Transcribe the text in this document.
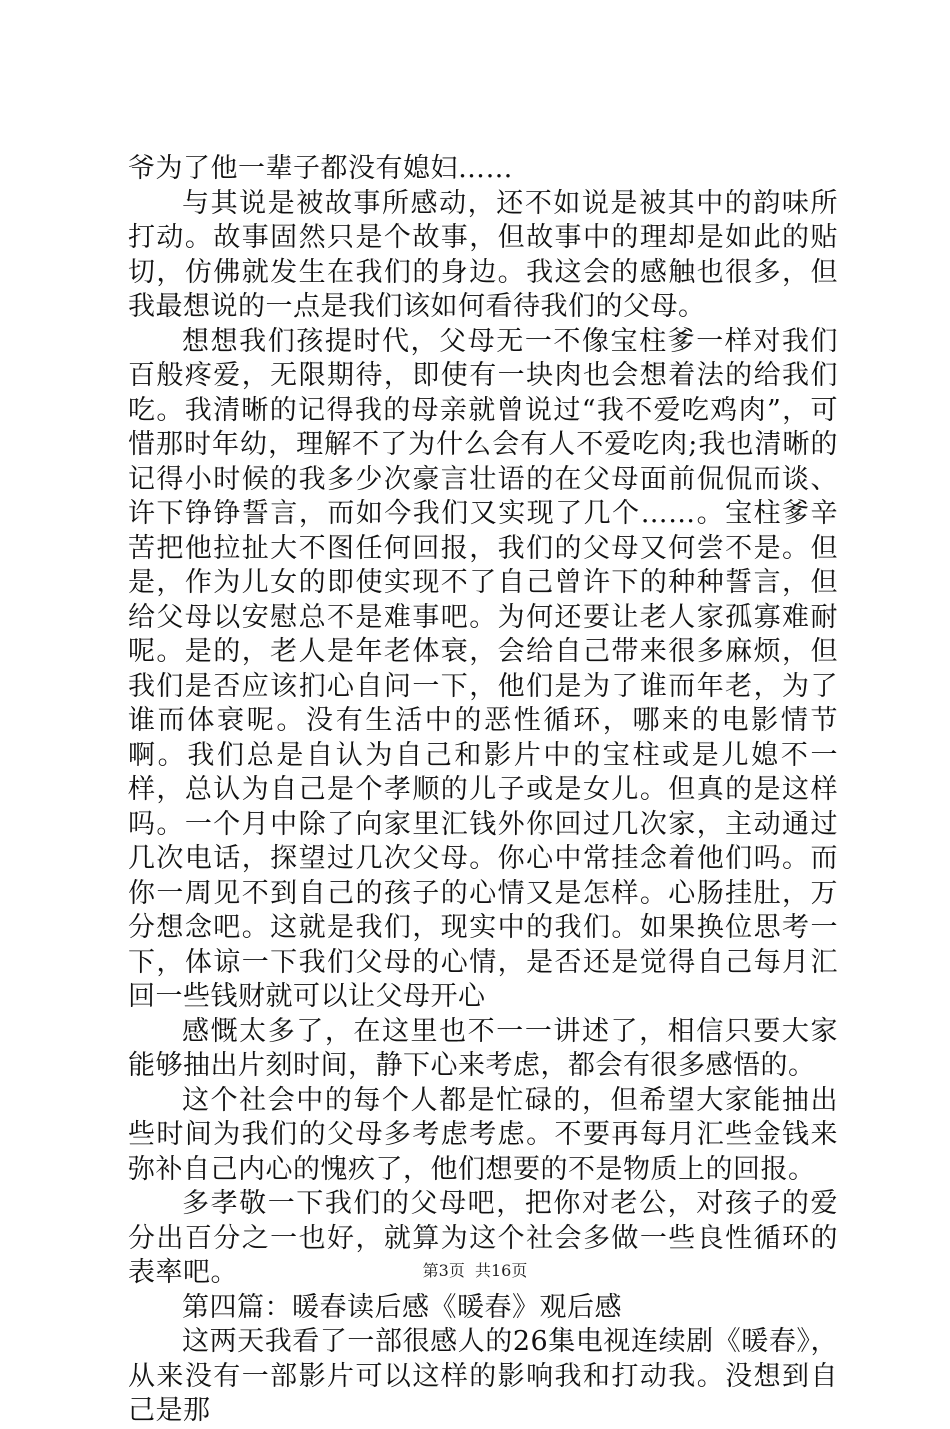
爷为了他一辈子都没有媳妇……

与其说是被故事所感动，还不如说是被其中的韵味所打动。故事固然只是个故事，但故事中的理却是如此的贴切，仿佛就发生在我们的身边。我这会的感触也很多，但我最想说的一点是我们该如何看待我们的父母。

想想我们孩提时代，父母无一不像宝柱爹一样对我们百般疼爱，无限期待，即使有一块肉也会想着法的给我们吃。我清晰的记得我的母亲就曾说过“我不爱吃鸡肉”，可惜那时年幼，理解不了为什么会有人不爱吃肉;我也清晰的记得小时候的我多少次豪言壮语的在父母面前侃侃而谈、许下铮铮誓言，而如今我们又实现了几个……。宝柱爹辛苦把他拉扯大不图任何回报，我们的父母又何尝不是。但是，作为儿女的即使实现不了自己曾许下的种种誓言，但给父母以安慰总不是难事吧。为何还要让老人家孤寡难耐呢。是的，老人是年老体衰，会给自己带来很多麻烦，但我们是否应该扪心自问一下，他们是为了谁而年老，为了谁而体衰呢。没有生活中的恶性循环，哪来的电影情节啊。我们总是自认为自己和影片中的宝柱或是儿媳不一样，总认为自己是个孝顺的儿子或是女儿。但真的是这样吗。一个月中除了向家里汇钱外你回过几次家，主动通过几次电话，探望过几次父母。你心中常挂念着他们吗。而你一周见不到自己的孩子的心情又是怎样。心肠挂肚，万分想念吧。这就是我们，现实中的我们。如果换位思考一下，体谅一下我们父母的心情，是否还是觉得自己每月汇回一些钱财就可以让父母开心

感慨太多了，在这里也不一一讲述了，相信只要大家能够抽出片刻时间，静下心来考虑，都会有很多感悟的。

这个社会中的每个人都是忙碌的，但希望大家能抽出些时间为我们的父母多考虑考虑。不要再每月汇些金钱来弥补自己内心的愧疚了，他们想要的不是物质上的回报。

多孝敬一下我们的父母吧，把你对老公，对孩子的爱分出百分之一也好，就算为这个社会多做一些良性循环的表率吧。

第四篇：暖春读后感《暖春》观后感

这两天我看了一部很感人的26集电视连续剧《暖春》，从来没有一部影片可以这样的影响我和打动我。没想到自己是那

第3页  共16页
